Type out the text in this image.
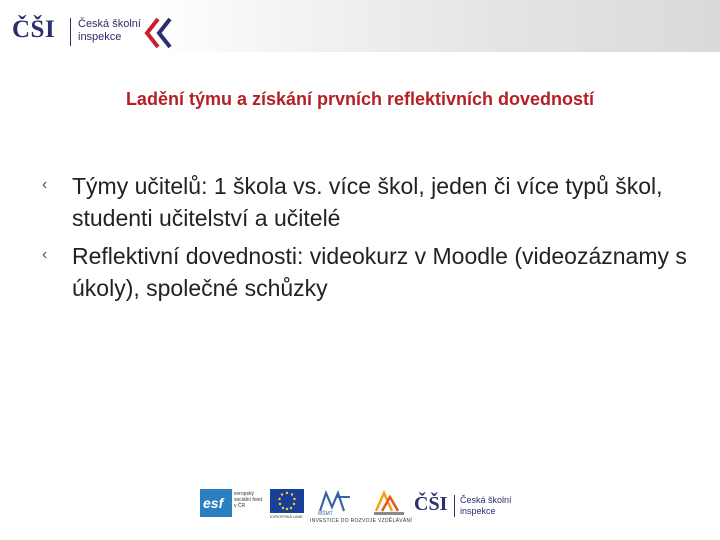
ČŠI Česká školní
inspekce
Ladění týmu a získání prvních reflektivních dovedností
‹ Týmy učitelů: 1 škola vs. více škol, jeden či více typů škol, studenti učitelství a učitelé
‹ Reflektivní dovednosti: videokurz v Moodle (videozáznamy s úkoly), společné schůzky
esf
evropský sociální fond v ČR
EVROPSKÁ UNIE	MŠMT	ČŠI Česká školní
inspekce
INVESTICE DO ROZVOJE VZDĚLÁVÁNÍ
